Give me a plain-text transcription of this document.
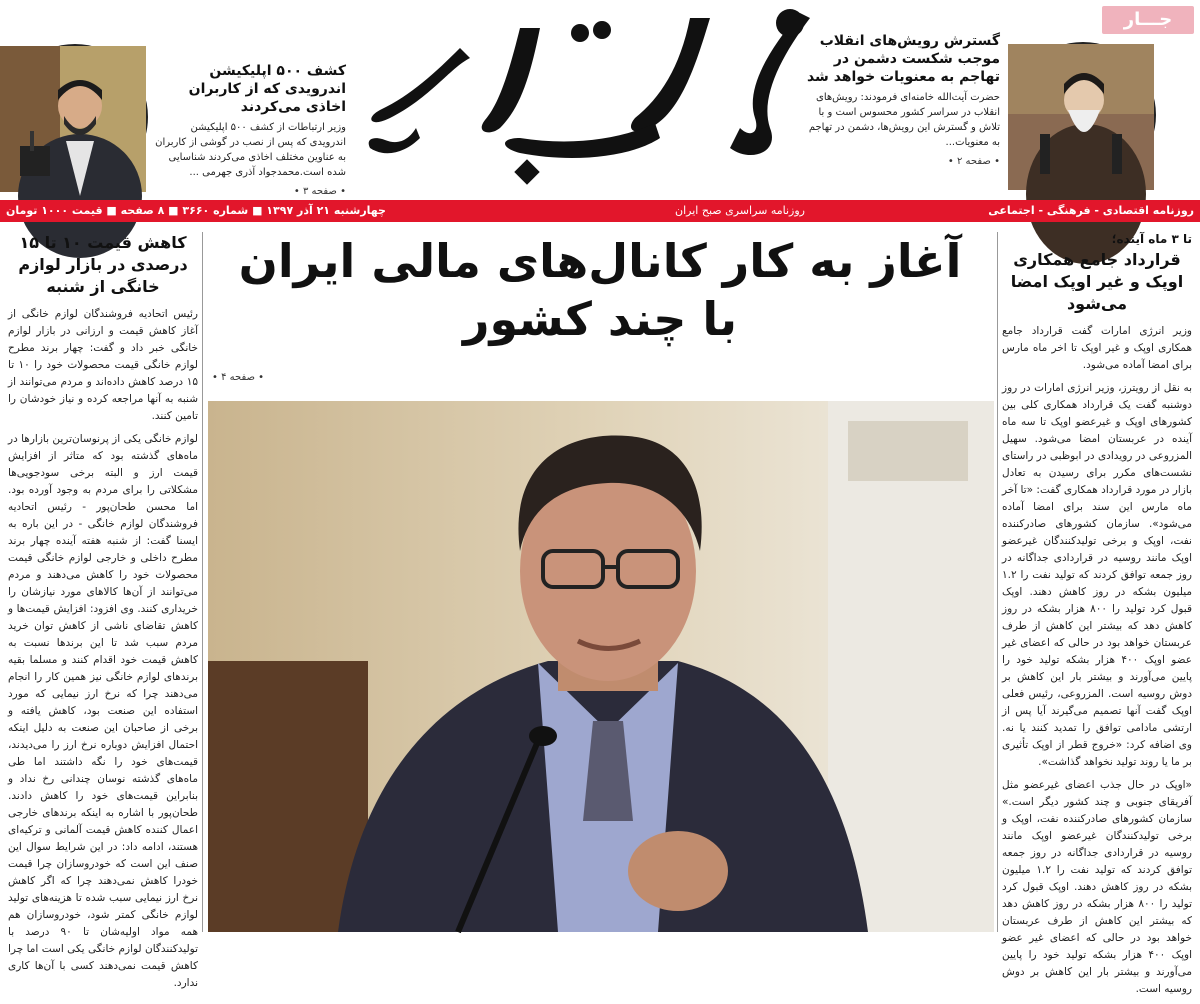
جـــار
گسترش رویش‌های انقلاب موجب شکست دشمن در تهاجم به معنویات خواهد شد
حضرت آیت‌الله خامنه‌ای فرمودند: رویش‌های انقلاب در سراسر کشور محسوس است و با تلاش و گسترش این رویش‌ها، دشمن در تهاجم به معنویات...
• صفحه ۲ •
کشف ۵۰۰ اپلیکیشن اندرویدی که از کاربران اخاذی می‌کردند
وزیر ارتباطات از کشف ۵۰۰ اپلیکیشن اندرویدی که پس از نصب در گوشی از کاربران به عناوین مختلف اخاذی می‌کردند شناسایی شده است.محمدجواد آذری جهرمی ...
• صفحه ۳ •
روزنامه اقتصادی - فرهنگی - اجتماعی
روزنامه سراسری صبح ایران
چهارشنبه ۲۱ آذر ۱۳۹۷ ■ شماره ۳۶۶۰ ■ ۸ صفحه ■ قیمت ۱۰۰۰ تومان
تا ۳ ماه آینده؛
قرارداد جامع همکاری اوپک و غیر اوپک امضا می‌شود

وزیر انرژی امارات گفت قرارداد جامع همکاری اوپک و غیر اوپک تا اخر ماه مارس برای امضا آماده می‌شود.

به نقل از رویترز، وزیر انرژی امارات در روز دوشنبه گفت یک قرارداد همکاری کلی بین کشورهای اوپک و غیرعضو اوپک تا سه ماه آینده در عربستان امضا می‌شود. سهیل المزروعی در رویدادی در ابوظبی در راستای نشست‌های مکرر برای رسیدن به تعادل بازار در مورد قرارداد همکاری گفت: «تا آخر ماه مارس این سند برای امضا آماده می‌شود». سازمان کشورهای صادرکننده نفت، اوپک و برخی تولیدکنندگان غیرعضو اوپک مانند روسیه در قراردادی جداگانه در روز جمعه توافق کردند که تولید نفت را ۱.۲ میلیون بشکه در روز کاهش دهند. اوپک قبول کرد تولید را ۸۰۰ هزار بشکه در روز کاهش دهد که بیشتر این کاهش از طرف عربستان خواهد بود در حالی که اعضای غیر عضو اوپک ۴۰۰ هزار بشکه تولید خود را پایین می‌آورند و بیشتر بار این کاهش بر دوش روسیه است. المزروعی، رئیس فعلی اوپک گفت آنها تصمیم می‌گیرند آیا پس از ارتشی مادامی توافق را تمدید کنند یا نه. وی اضافه کرد: «خروج قطر از اوپک تأثیری بر ما یا روند تولید نخواهد گذاشت».

«اوپک در حال جذب اعضای غیرعضو مثل آفریقای جنوبی و چند کشور دیگر است.» سازمان کشورهای صادرکننده نفت، اوپک و برخی تولیدکنندگان غیرعضو اوپک مانند روسیه در قراردادی جداگانه در روز جمعه توافق کردند که تولید نفت را ۱.۲ میلیون بشکه در روز کاهش دهند. اوپک قبول کرد تولید را ۸۰۰ هزار بشکه در روز کاهش دهد که بیشتر این کاهش از طرف عربستان خواهد بود در حالی که اعضای غیر عضو اوپک ۴۰۰ هزار بشکه تولید خود را پایین می‌آورند و بیشتر بار این کاهش بر دوش روسیه است.

آغاز به کار کانال‌های مالی ایران
با چند کشور
• صفحه ۴ •
کاهش قیمت ۱۰ تا ۱۵ درصدی در بازار لوازم خانگی از شنبه

رئیس اتحادیه فروشندگان لوازم خانگی از آغاز کاهش قیمت و ارزانی در بازار لوازم خانگی خبر داد و گفت: چهار برند مطرح لوازم خانگی قیمت محصولات خود را ۱۰ تا ۱۵ درصد کاهش داده‌اند و مردم می‌توانند از شنبه به آنها مراجعه کرده و نیاز خودشان را تامین کنند.

لوازم خانگی یکی از پرنوسان‌ترین بازارها در ماه‌های گذشته بود که متاثر از افزایش قیمت ارز و البته برخی سودجویی‌ها مشکلاتی را برای مردم به وجود آورده بود. اما محسن طحان‌پور - رئیس اتحادیه فروشندگان لوازم خانگی - در این باره به ایسنا گفت: از شنبه هفته آینده چهار برند مطرح داخلی و خارجی لوازم خانگی قیمت محصولات خود را کاهش می‌دهند و مردم می‌توانند از آن‌ها کالاهای مورد نیازشان را خریداری کنند. وی افزود: افزایش قیمت‌ها و کاهش تقاضای ناشی از کاهش توان خرید مردم سبب شد تا این برندها نسبت به کاهش قیمت خود اقدام کنند و مسلما بقیه برندهای لوازم خانگی نیز همین کار را انجام می‌دهند چرا که نرخ ارز نیمایی که مورد استفاده این صنعت بود، کاهش یافته و برخی از صاحبان این صنعت به دلیل اینکه احتمال افزایش دوباره نرخ ارز را می‌دیدند، قیمت‌های خود را نگه داشتند اما طی ماه‌های گذشته نوسان چندانی رخ نداد و بنابراین قیمت‌های خود را کاهش دادند. طحان‌پور با اشاره به اینکه برندهای خارجی اعمال کننده کاهش قیمت آلمانی و ترکیه‌ای هستند، ادامه داد: در این شرایط سوال این صنف این است که خودروسازان چرا قیمت خودرا کاهش نمی‌دهند چرا که اگر کاهش نرخ ارز نیمایی سبب شده تا هزینه‌های تولید لوازم خانگی کمتر شود، خودروسازان هم همه مواد اولیه‌شان تا ۹۰ درصد با تولیدکنندگان لوازم خانگی یکی است اما چرا کاهش قیمت نمی‌دهند کسی با آن‌ها کاری ندارد.
